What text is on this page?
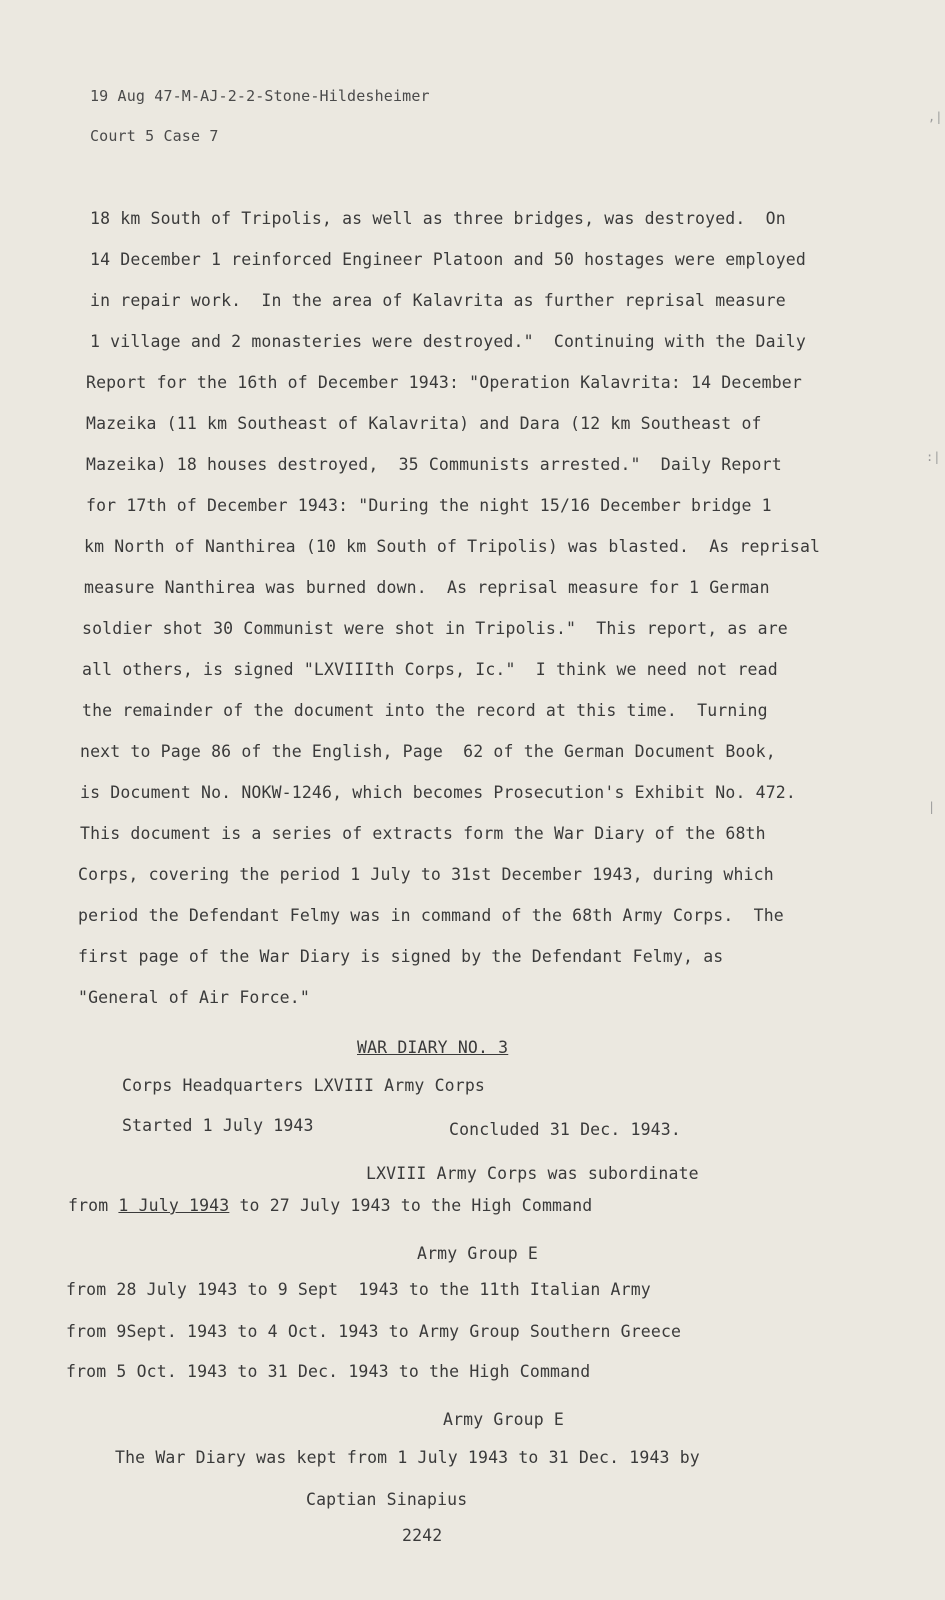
19 Aug 47-M-AJ-2-2-Stone-Hildesheimer
Court 5 Case 7
18 km South of Tripolis, as well as three bridges, was destroyed.  On
14 December 1 reinforced Engineer Platoon and 50 hostages were employed
in repair work.  In the area of Kalavrita as further reprisal measure
1 village and 2 monasteries were destroyed."  Continuing with the Daily
Report for the 16th of December 1943: "Operation Kalavrita: 14 December
Mazeika (11 km Southeast of Kalavrita) and Dara (12 km Southeast of
Mazeika) 18 houses destroyed,  35 Communists arrested."  Daily Report
for 17th of December 1943: "During the night 15/16 December bridge 1
km North of Nanthirea (10 km South of Tripolis) was blasted.  As reprisal
measure Nanthirea was burned down.  As reprisal measure for 1 German
soldier shot 30 Communist were shot in Tripolis."  This report, as are
all others, is signed "LXVIIIth Corps, Ic."  I think we need not read
the remainder of the document into the record at this time.  Turning
next to Page 86 of the English, Page  62 of the German Document Book,
is Document No. NOKW-1246, which becomes Prosecution's Exhibit No. 472.
This document is a series of extracts form the War Diary of the 68th
Corps, covering the period 1 July to 31st December 1943, during which
period the Defendant Felmy was in command of the 68th Army Corps.  The
first page of the War Diary is signed by the Defendant Felmy, as
"General of Air Force."
WAR DIARY NO. 3
Corps Headquarters LXVIII Army Corps
Started 1 July 1943	Concluded 31 Dec. 1943.
LXVIII Army Corps was subordinate
from 1 July 1943 to 27 July 1943 to the High Command
Army Group E
from 28 July 1943 to 9 Sept  1943 to the 11th Italian Army
from 9Sept. 1943 to 4 Oct. 1943 to Army Group Southern Greece
from 5 Oct. 1943 to 31 Dec. 1943 to the High Command
Army Group E
The War Diary was kept from 1 July 1943 to 31 Dec. 1943 by
Captian Sinapius
2242
,|
:|
|
